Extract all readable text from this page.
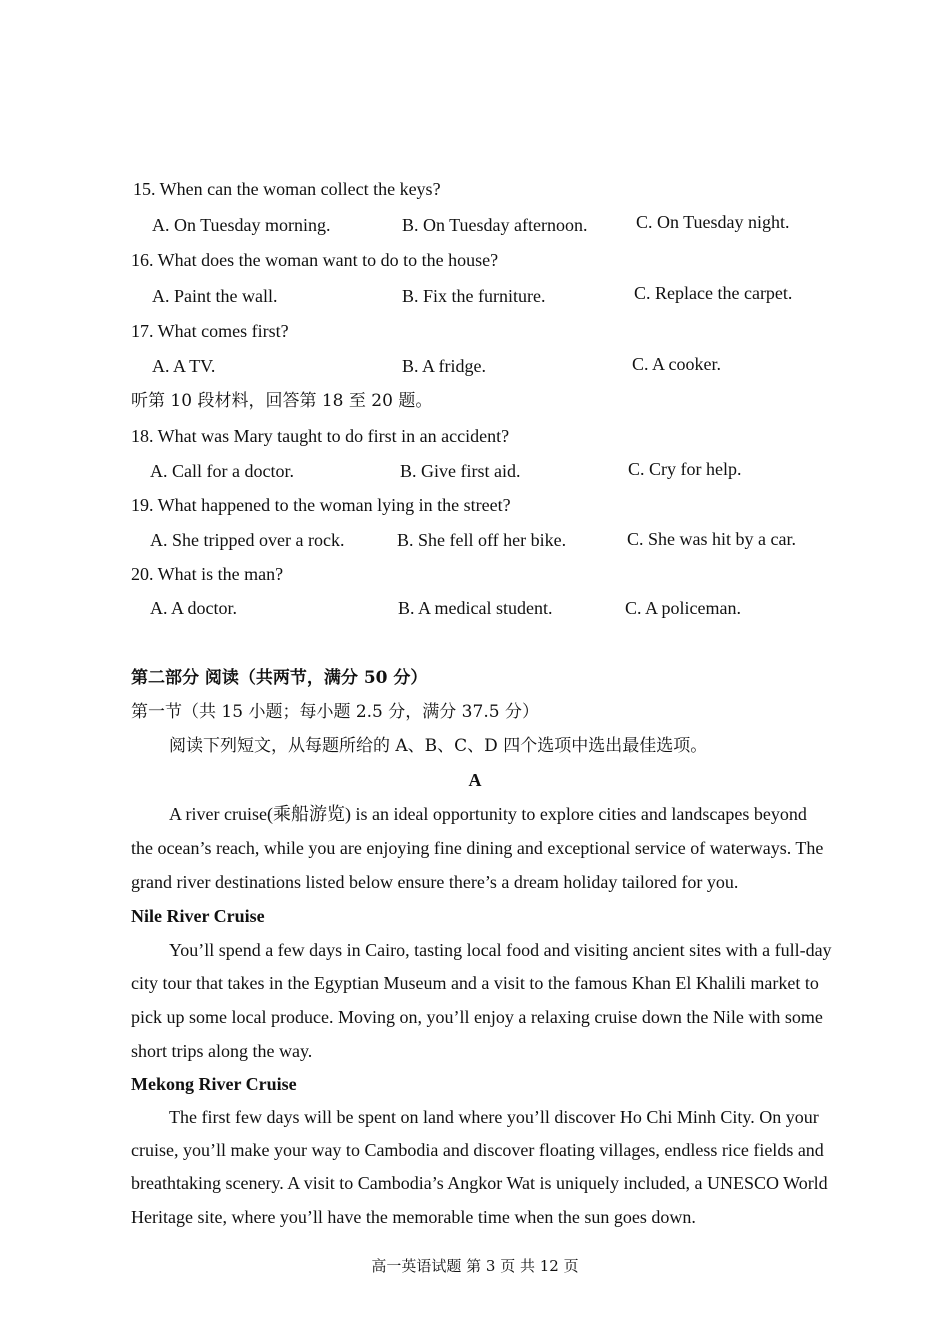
15. When can the woman collect the keys?
A. On Tuesday morning.	B. On Tuesday afternoon.	C. On Tuesday night.
16. What does the woman want to do to the house?
A. Paint the wall.	B. Fix the furniture.	C. Replace the carpet.
17. What comes first?
A. A TV.	B. A fridge.	C. A cooker.
听第 10 段材料，回答第 18 至 20 题。
18. What was Mary taught to do first in an accident?
A. Call for a doctor.	B. Give first aid.	C. Cry for help.
19. What happened to the woman lying in the street?
A. She tripped over a rock.	B. She fell off her bike.	C. She was hit by a car.
20. What is the man?
A. A doctor.	B. A medical student.	C. A policeman.
第二部分 阅读（共两节，满分 50 分）
第一节（共 15 小题；每小题 2.5 分，满分 37.5 分）
阅读下列短文，从每题所给的 A、B、C、D 四个选项中选出最佳选项。
A
A river cruise(乘船游览) is an ideal opportunity to explore cities and landscapes beyond
the ocean’s reach, while you are enjoying fine dining and exceptional service of waterways. The
grand river destinations listed below ensure there’s a dream holiday tailored for you.
Nile River Cruise
You’ll spend a few days in Cairo, tasting local food and visiting ancient sites with a full-day
city tour that takes in the Egyptian Museum and a visit to the famous Khan El Khalili market to
pick up some local produce. Moving on, you’ll enjoy a relaxing cruise down the Nile with some
short trips along the way.
Mekong River Cruise
The first few days will be spent on land where you’ll discover Ho Chi Minh City. On your
cruise, you’ll make your way to Cambodia and discover floating villages, endless rice fields and
breathtaking scenery. A visit to Cambodia’s Angkor Wat is uniquely included, a UNESCO World
Heritage site, where you’ll have the memorable time when the sun goes down.
高一英语试题 第 3 页 共 12 页
